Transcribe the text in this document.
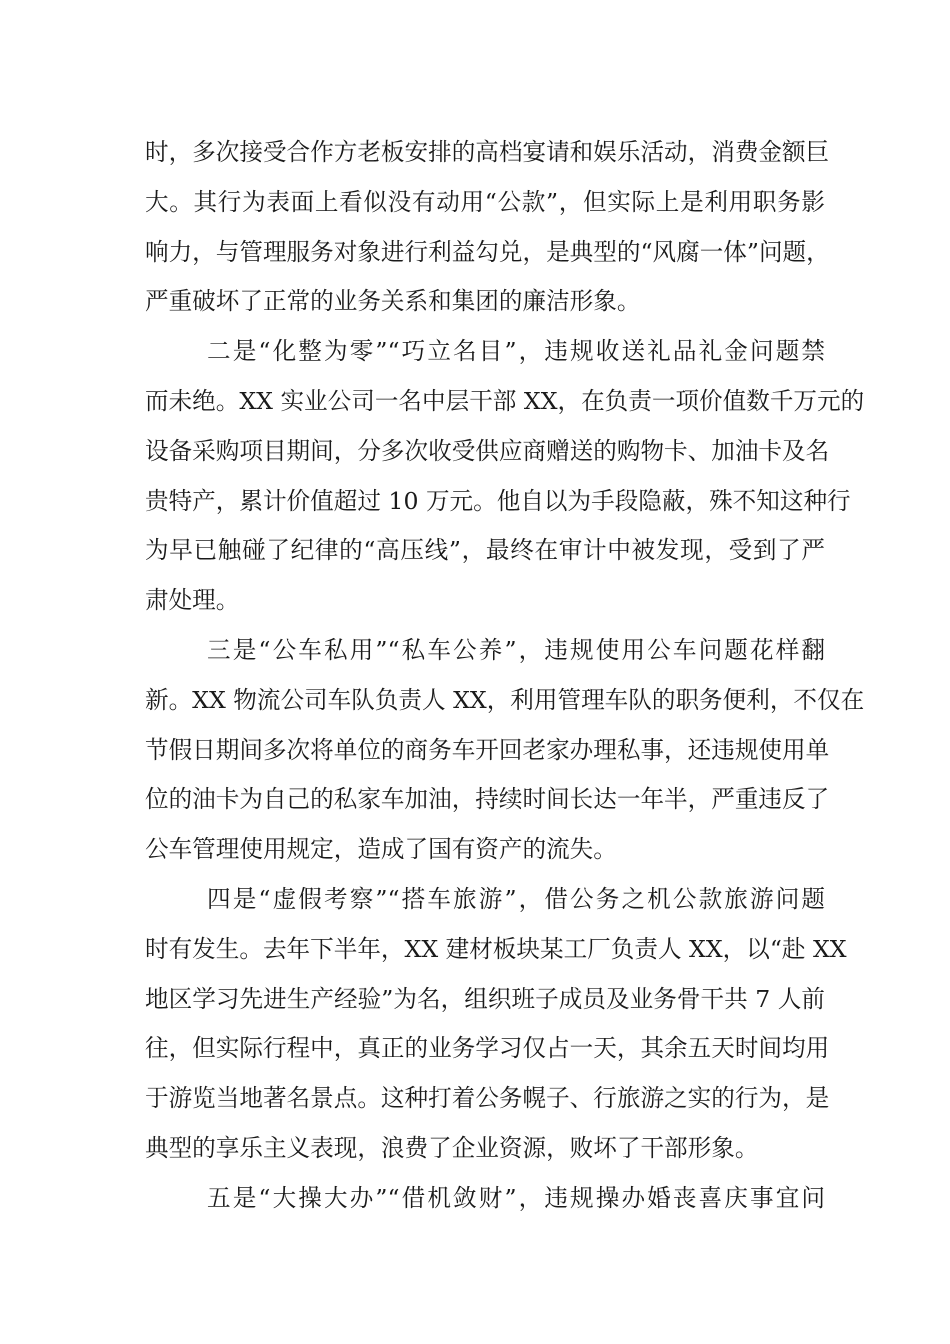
时，多次接受合作方老板安排的高档宴请和娱乐活动，消费金额巨
大。其行为表面上看似没有动用“公款”，但实际上是利用职务影
响力，与管理服务对象进行利益勾兑，是典型的“风腐一体”问题，
严重破坏了正常的业务关系和集团的廉洁形象。
二是“化整为零”“巧立名目”，违规收送礼品礼金问题禁
而未绝。XX 实业公司一名中层干部 XX，在负责一项价值数千万元的
设备采购项目期间，分多次收受供应商赠送的购物卡、加油卡及名
贵特产，累计价值超过 10 万元。他自以为手段隐蔽，殊不知这种行
为早已触碰了纪律的“高压线”，最终在审计中被发现，受到了严
肃处理。
三是“公车私用”“私车公养”，违规使用公车问题花样翻
新。XX 物流公司车队负责人 XX，利用管理车队的职务便利，不仅在
节假日期间多次将单位的商务车开回老家办理私事，还违规使用单
位的油卡为自己的私家车加油，持续时间长达一年半，严重违反了
公车管理使用规定，造成了国有资产的流失。
四是“虚假考察”“搭车旅游”，借公务之机公款旅游问题
时有发生。去年下半年，XX 建材板块某工厂负责人 XX，以“赴 XX
地区学习先进生产经验”为名，组织班子成员及业务骨干共 7 人前
往，但实际行程中，真正的业务学习仅占一天，其余五天时间均用
于游览当地著名景点。这种打着公务幌子、行旅游之实的行为，是
典型的享乐主义表现，浪费了企业资源，败坏了干部形象。
五是“大操大办”“借机敛财”，违规操办婚丧喜庆事宜问
